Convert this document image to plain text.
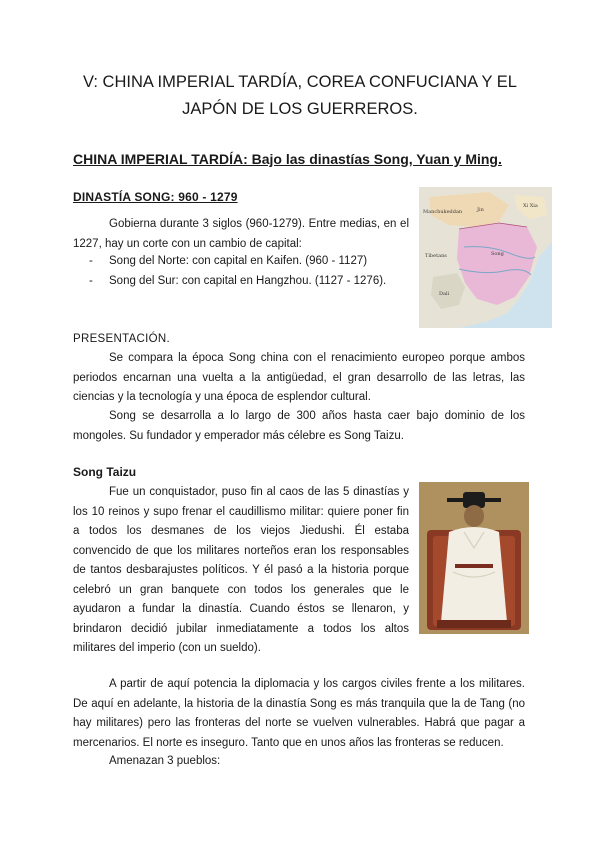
V: CHINA IMPERIAL TARDÍA, COREA CONFUCIANA Y EL
JAPÓN DE LOS GUERREROS.
CHINA IMPERIAL TARDÍA: Bajo las dinastías Song, Yuan y Ming.
DINASTÍA SONG: 960 - 1279

Gobierna durante 3 siglos (960-1279). Entre medias, en el 1227, hay un corte con un cambio de capital:

- Song del Norte: con capital en Kaifen. (960 - 1127)
- Song del Sur: con capital en Hangzhou. (1127 - 1276).
Manchukeddan
Tibetans	Song
Dali
Jin
Xi Xia

PRESENTACIÓN.

Se compara la época Song china con el renacimiento europeo porque ambos periodos encarnan una vuelta a la antigüedad, el gran desarrollo de las letras, las ciencias y la tecnología y una época de esplendor cultural.

Song se desarrolla a lo largo de 300 años hasta caer bajo dominio de los mongoles. Su fundador y emperador más célebre es Song Taizu.

Song Taizu

Fue un conquistador, puso fin al caos de las 5 dinastías y los 10 reinos y supo frenar el caudillismo militar: quiere poner fin a todos los desmanes de los viejos Jiedushi. Él estaba convencido de que los militares norteños eran los responsables de tantos desbarajustes políticos. Y él pasó a la historia porque celebró un gran banquete con todos los generales que le ayudaron a fundar la dinastía. Cuando éstos se llenaron, y brindaron decidió jubilar inmediatamente a todos los altos militares del imperio (con un sueldo).

A partir de aquí potencia la diplomacia y los cargos civiles frente a los militares. De aquí en adelante, la historia de la dinastía Song es más tranquila que la de Tang (no hay militares) pero las fronteras del norte se vuelven vulnerables. Habrá que pagar a mercenarios. El norte es inseguro. Tanto que en unos años las fronteras se reducen.

Amenazan 3 pueblos:
